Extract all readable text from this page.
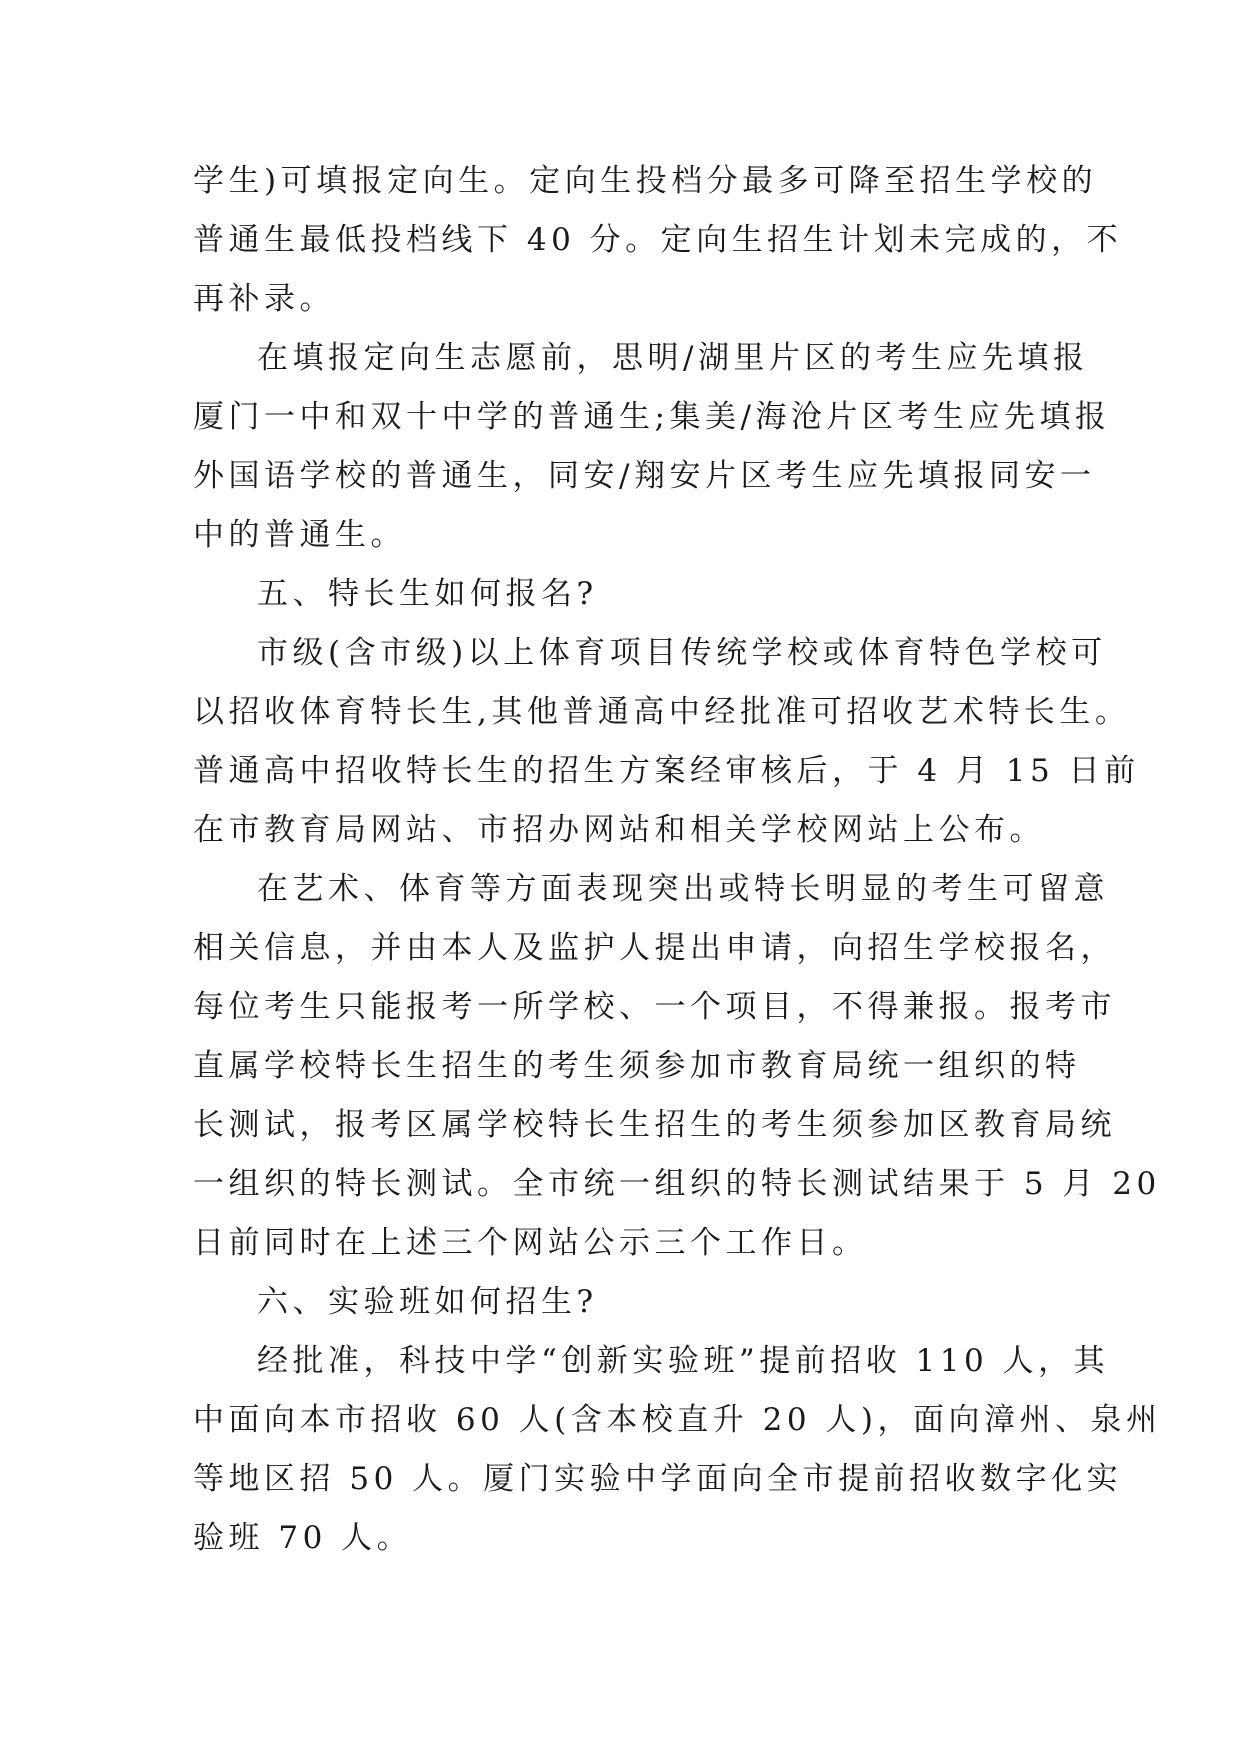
学生)可填报定向生。定向生投档分最多可降至招生学校的
普通生最低投档线下 40 分。定向生招生计划未完成的，不
再补录。
在填报定向生志愿前，思明/湖里片区的考生应先填报
厦门一中和双十中学的普通生;集美/海沧片区考生应先填报
外国语学校的普通生，同安/翔安片区考生应先填报同安一
中的普通生。
五、特长生如何报名?
市级(含市级)以上体育项目传统学校或体育特色学校可
以招收体育特长生,其他普通高中经批准可招收艺术特长生。
普通高中招收特长生的招生方案经审核后，于 4 月 15 日前
在市教育局网站、市招办网站和相关学校网站上公布。
在艺术、体育等方面表现突出或特长明显的考生可留意
相关信息，并由本人及监护人提出申请，向招生学校报名，
每位考生只能报考一所学校、一个项目，不得兼报。报考市
直属学校特长生招生的考生须参加市教育局统一组织的特
长测试，报考区属学校特长生招生的考生须参加区教育局统
一组织的特长测试。全市统一组织的特长测试结果于 5 月 20
日前同时在上述三个网站公示三个工作日。
六、实验班如何招生?
经批准，科技中学“创新实验班”提前招收 110 人，其
中面向本市招收 60 人(含本校直升 20 人)，面向漳州、泉州
等地区招 50 人。厦门实验中学面向全市提前招收数字化实
验班 70 人。
